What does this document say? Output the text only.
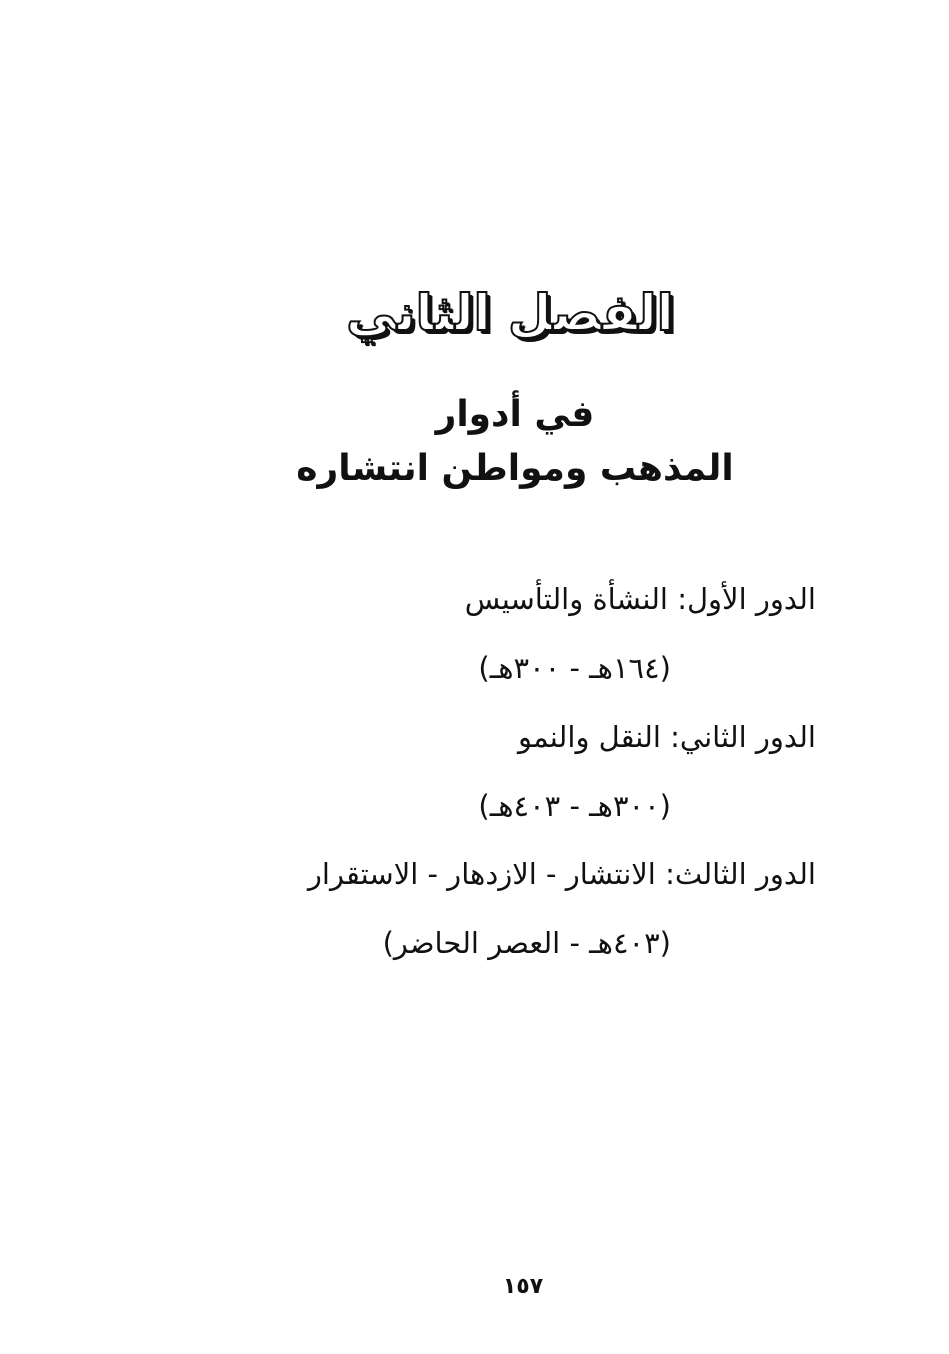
الفصل الثاني
في أدوار
المذهب ومواطن انتشاره
الدور الأول: النشأة والتأسيس
(١٦٤هـ - ٣٠٠هـ)
الدور الثاني: النقل والنمو
(٣٠٠هـ - ٤٠٣هـ)
الدور الثالث: الانتشار - الازدهار - الاستقرار
(٤٠٣هـ - العصر الحاضر)
١٥٧
